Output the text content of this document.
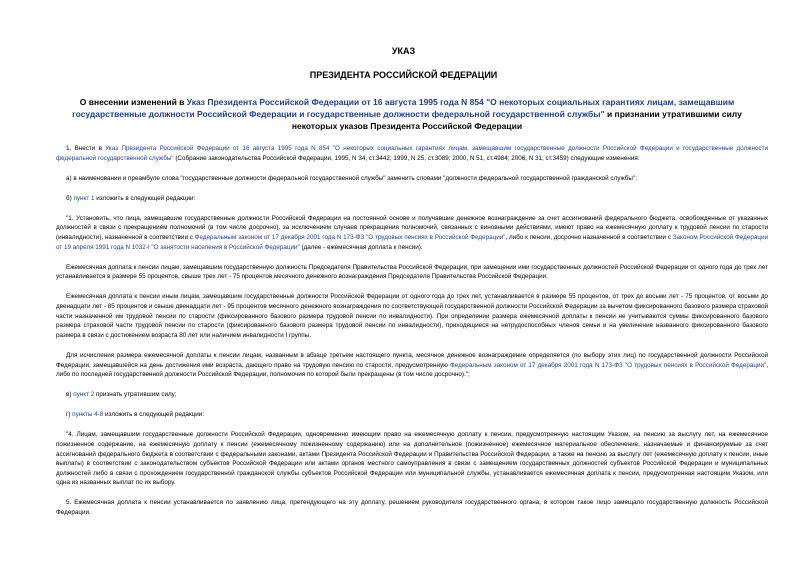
УКАЗ

ПРЕЗИДЕНТА РОССИЙСКОЙ ФЕДЕРАЦИИ

О внесении изменений в Указ Президента Российской Федерации от 16 августа 1995 года N 854 "О некоторых социальных гарантиях лицам, замещавшим государственные должности Российской Федерации и государственные должности федеральной государственной службы" и признании утратившими силу некоторых указов Президента Российской Федерации

1. Внести в Указ Президента Российской Федерации от 16 августа 1995 года N 854 "О некоторых социальных гарантиях лицам, замещавшим государственные должности Российской Федерации и государственные должности федеральной государственной службы" (Собрание законодательства Российской Федерации, 1995, N 34, ст.3442; 1999, N 25, ст.3089; 2000, N 51, ст.4984; 2006, N 31, ст.3459) следующие изменения:

а) в наименовании и преамбуле слова "государственные должности федеральной государственной службы" заменить словами "должности федеральной государственной гражданской службы";

б) пункт 1 изложить в следующей редакции:

"1. Установить, что лица, замещавшие государственные должности Российской Федерации на постоянной основе и получавшие денежное вознаграждение за счет ассигнований федерального бюджета, освобожденные от указанных должностей в связи с прекращением полномочий (в том числе досрочно), за исключением случаев прекращения полномочий, связанных с виновными действиями, имеют право на ежемесячную доплату к трудовой пенсии по старости (инвалидности), назначенной в соответствии с Федеральным законом от 17 декабря 2001 года N 173-ФЗ "О трудовых пенсиях в Российской Федерации", либо к пенсии, досрочно назначенной в соответствии с Законом Российской Федерации от 19 апреля 1991 года N 1032-I "О занятости населения в Российской Федерации" (далее - ежемесячная доплата к пенсии).

Ежемесячная доплата к пенсии лицам, замещавшим государственную должность Председателя Правительства Российской Федерации, при замещении ими государственных должностей Российской Федерации от одного года до трех лет устанавливается в размере 55 процентов, свыше трех лет - 75 процентов месячного денежного вознаграждения Председателя Правительства Российской Федерации.

Ежемесячная доплата к пенсии иным лицам, замещавшим государственные должности Российской Федерации от одного года до трех лет, устанавливается в размере 55 процентов, от трех до восьми лет - 75 процентов, от восьми до двенадцати лет - 85 процентов и свыше двенадцати лет - 95 процентов месячного денежного вознаграждения по соответствующей государственной должности Российской Федерации за вычетом фиксированного базового размера страховой части назначенной им трудовой пенсии по старости (фиксированного базового размера трудовой пенсии по инвалидности). При определении размера ежемесячной доплаты к пенсии не учитываются суммы фиксированного базового размера страховой части трудовой пенсии по старости (фиксированного базового размера трудовой пенсии по инвалидности), приходящиеся на нетрудоспособных членов семьи и на увеличение названного фиксированного базового размера в связи с достижением возраста 80 лет или наличием инвалидности I группы.

Для исчисления размера ежемесячной доплаты к пенсии лицам, названным в абзаце третьем настоящего пункта, месячное денежное вознаграждение определяется (по выбору этих лиц) по государственной должности Российской Федерации, замещавшейся на день достижения ими возраста, дающего право на трудовую пенсию по старости, предусмотренную Федеральным законом от 17 декабря 2001 года N 173-ФЗ "О трудовых пенсиях в Российской Федерации", либо по последней государственной должности Российской Федерации, полномочия по которой были прекращены (в том числе досрочно).";

в) пункт 2 признать утратившим силу;

г) пункты 4-8 изложить в следующей редакции:

"4. Лицам, замещавшим государственные должности Российской Федерации, одновременно имеющим право на ежемесячную доплату к пенсии, предусмотренную настоящим Указом, на пенсию за выслугу лет, на ежемесячное пожизненное содержание, на ежемесячную доплату к пенсии (ежемесячному пожизненному содержанию) или на дополнительное (пожизненное) ежемесячное материальное обеспечение, назначаемые и финансируемые за счет ассигнований федерального бюджета в соответствии с федеральными законами, актами Президента Российской Федерации и Правительства Российской Федерации, а также на пенсию за выслугу лет (ежемесячную доплату к пенсии, иные выплаты) в соответствии с законодательством субъектов Российской Федерации или актами органов местного самоуправления в связи с замещением государственных должностей субъектов Российской Федерации и муниципальных должностей либо в связи с прохождением государственной гражданской службы субъектов Российской Федерации или муниципальной службы, устанавливается ежемесячная доплата к пенсии, предусмотренная настоящим Указом, или одна из названных выплат по их выбору.

5. Ежемесячная доплата к пенсии устанавливается по заявлению лица, претендующего на эту доплату, решением руководителя государственного органа, в котором такое лицо замещало государственную должность Российской Федерации.
